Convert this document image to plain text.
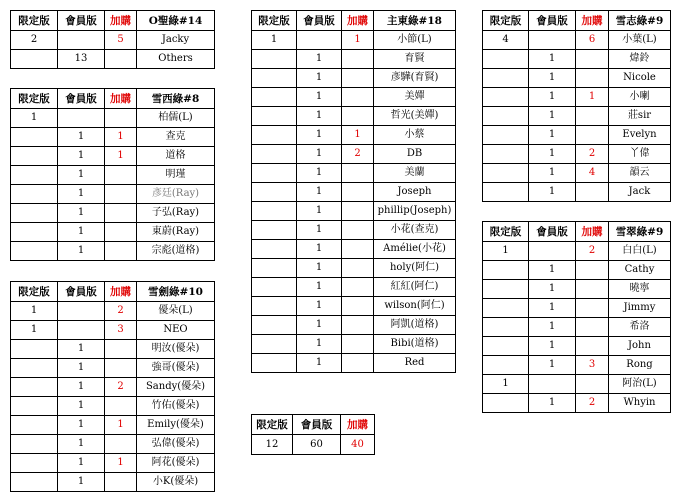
限定版	會員版	加購	O聖綠#14
2		5	Jacky
	13		Others
限定版	會員版	加購	雪西綠#8
1			柏儒(L)
	1	1	查克
	1	1	道格
	1		明瑾
	1		彥廷(Ray)
	1		子弘(Ray)
	1		東蔚(Ray)
	1		宗彪(道格)
限定版	會員版	加購	雪劍綠#10
1		2	優朵(L)
1		3	NEO
	1		明汝(優朵)
	1		強哥(優朵)
	1	2	Sandy(優朵)
	1		竹佑(優朵)
	1	1	Emily(優朵)
	1		弘偉(優朵)
	1	1	阿花(優朵)
	1		小K(優朵)
限定版	會員版	加購	主東綠#18
1		1	小節(L)
	1		育賢
	1		彥驊(育賢)
	1		美嬋
	1		哲光(美嬋)
	1	1	小蔡
	1	2	DB
	1		美蘭
	1		Joseph
	1		phillip(Joseph)
	1		小花(查克)
	1		Amélie(小花)
	1		holy(阿仁)
	1		紅紅(阿仁)
	1		wilson(阿仁)
	1		阿凱(道格)
	1		Bibi(道格)
	1		Red
限定版	會員版	加購
12	60	40
限定版	會員版	加購	雪志綠#9
4		6	小葉(L)
	1		煒鈴
	1		Nicole
	1	1	小喇
	1		莊sir
	1		Evelyn
	1	2	丫偉
	1	4	韻云
	1		Jack
限定版	會員版	加購	雪翠綠#9
1		2	白白(L)
	1		Cathy
	1		曉寧
	1		Jimmy
	1		希洛
	1		John
	1	3	Rong
1			阿治(L)
	1	2	Whyin
